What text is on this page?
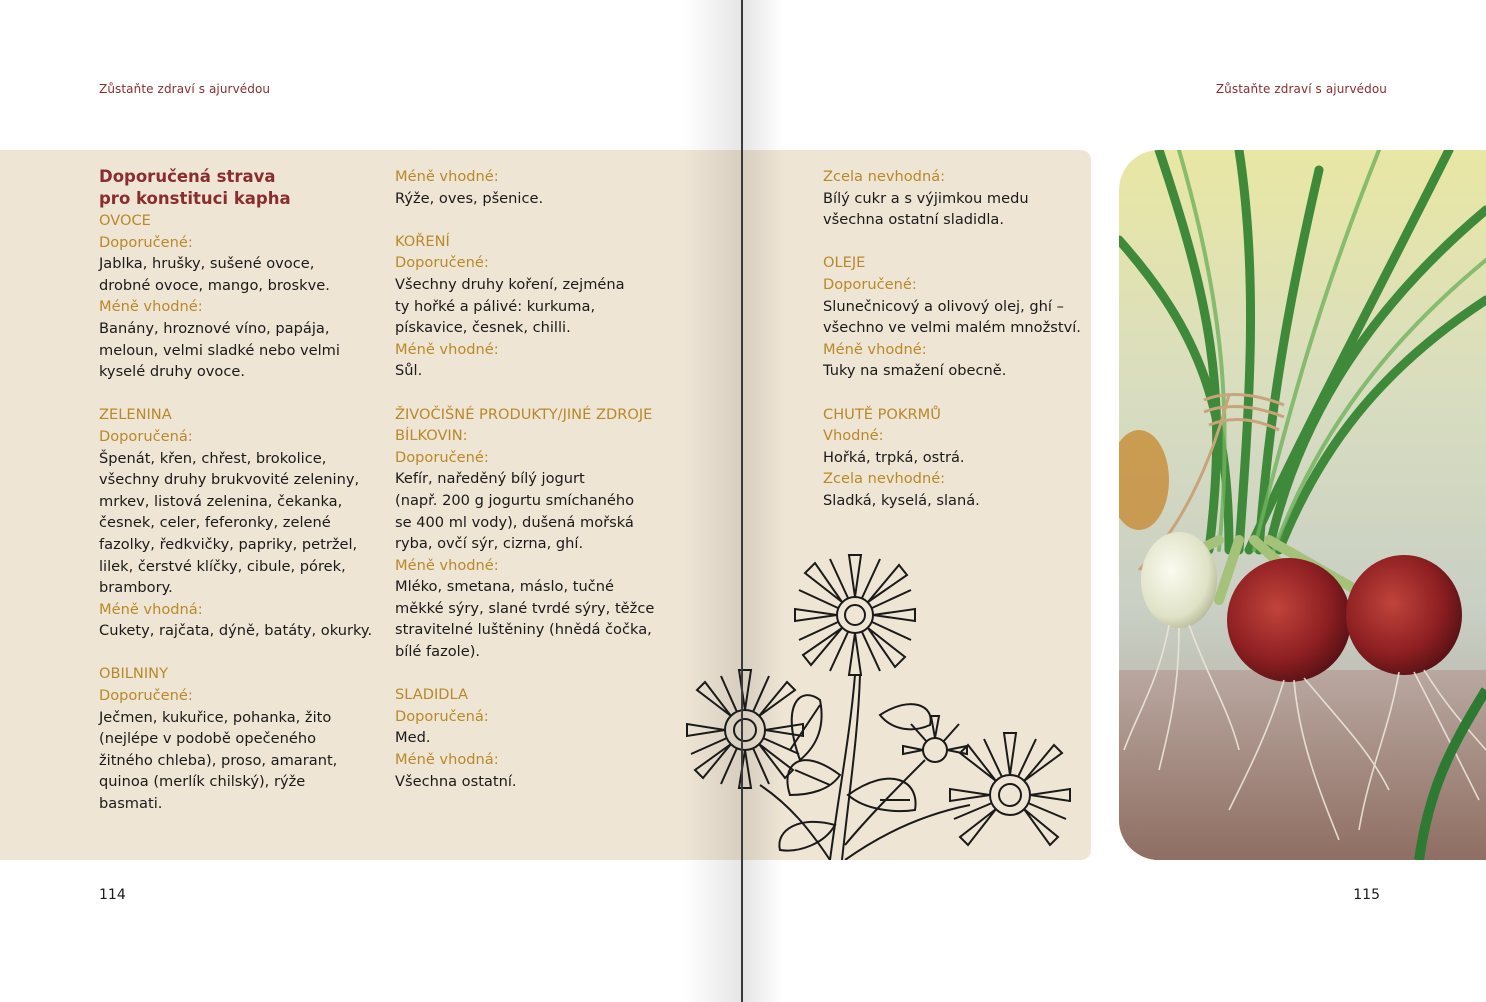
Zůstaňte zdraví s ajurvédou

Doporučená strava
pro konstituci kapha

OVOCE

Doporučené:

Jablka, hrušky, sušené ovoce,

drobné ovoce, mango, broskve.

Méně vhodné:

Banány, hroznové víno, papája,

meloun, velmi sladké nebo velmi

kyselé druhy ovoce.

ZELENINA

Doporučená:

Špenát, křen, chřest, brokolice,

všechny druhy brukvovité zeleniny,

mrkev, listová zelenina, čekanka,

česnek, celer, feferonky, zelené

fazolky, ředkvičky, papriky, petržel,

lilek, čerstvé klíčky, cibule, pórek,

brambory.

Méně vhodná:

Cukety, rajčata, dýně, batáty, okurky.

OBILNINY

Doporučené:

Ječmen, kukuřice, pohanka, žito

(nejlépe v podobě opečeného

žitného chleba), proso, amarant,

quinoa (merlík chilský), rýže

basmati.

Méně vhodné:

Rýže, oves, pšenice.

KOŘENÍ

Doporučené:

Všechny druhy koření, zejména

ty hořké a pálivé: kurkuma,

pískavice, česnek, chilli.

Méně vhodné:

Sůl.

ŽIVOČIŠNÉ PRODUKTY/JINÉ ZDROJE

BÍLKOVIN:

Doporučené:

Kefír, naředěný bílý jogurt

(např. 200 g jogurtu smíchaného

se 400 ml vody), dušená mořská

ryba, ovčí sýr, cizrna, ghí.

Méně vhodné:

Mléko, smetana, máslo, tučné

měkké sýry, slané tvrdé sýry, těžce

stravitelné luštěniny (hnědá čočka,

bílé fazole).

SLADIDLA

Doporučená:

Med.

Méně vhodná:

Všechna ostatní.

114
Zůstaňte zdraví s ajurvédou

Zcela nevhodná:

Bílý cukr a s výjimkou medu

všechna ostatní sladidla.

OLEJE

Doporučené:

Slunečnicový a olivový olej, ghí –

všechno ve velmi malém množství.

Méně vhodné:

Tuky na smažení obecně.

CHUTĚ POKRMŮ

Vhodné:

Hořká, trpká, ostrá.

Zcela nevhodné:

Sladká, kyselá, slaná.

115
